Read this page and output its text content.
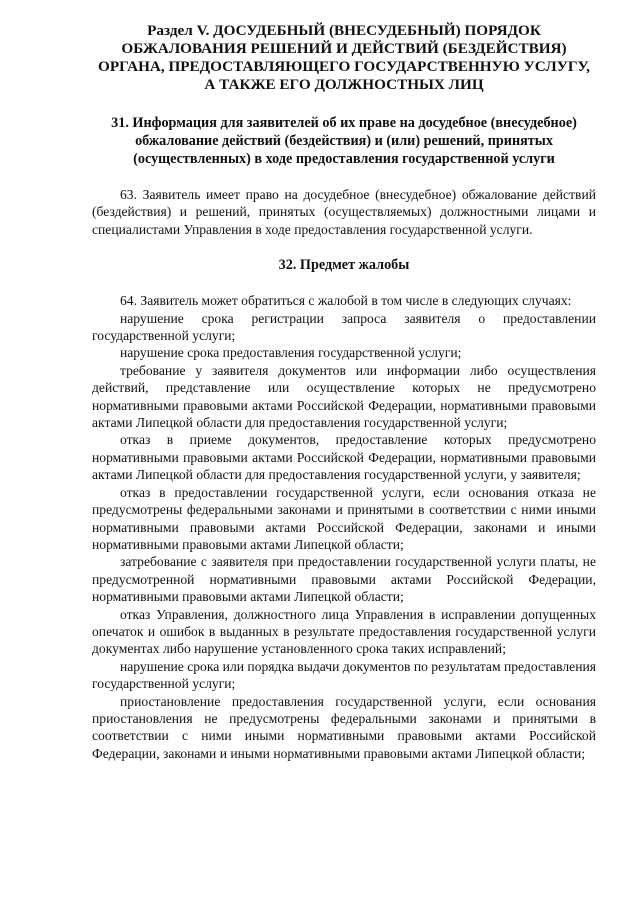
Раздел V. ДОСУДЕБНЫЙ (ВНЕСУДЕБНЫЙ) ПОРЯДОК
ОБЖАЛОВАНИЯ РЕШЕНИЙ И ДЕЙСТВИЙ (БЕЗДЕЙСТВИЯ)
ОРГАНА, ПРЕДОСТАВЛЯЮЩЕГО ГОСУДАРСТВЕННУЮ УСЛУГУ,
А ТАКЖЕ ЕГО ДОЛЖНОСТНЫХ ЛИЦ
31. Информация для заявителей об их праве на досудебное (внесудебное)
обжалование действий (бездействия) и (или) решений, принятых
(осуществленных) в ходе предоставления государственной услуги

63. Заявитель имеет право на досудебное (внесудебное) обжалование действий (бездействия) и решений, принятых (осуществляемых) должностными лицами и специалистами Управления в ходе предоставления государственной услуги.

32. Предмет жалобы

64. Заявитель может обратиться с жалобой в том числе в следующих случаях:

нарушение срока регистрации запроса заявителя о предоставлении государственной услуги;

нарушение срока предоставления государственной услуги;

требование у заявителя документов или информации либо осуществления действий, представление или осуществление которых не предусмотрено нормативными правовыми актами Российской Федерации, нормативными правовыми актами Липецкой области для предоставления государственной услуги;

отказ в приеме документов, предоставление которых предусмотрено нормативными правовыми актами Российской Федерации, нормативными правовыми актами Липецкой области для предоставления государственной услуги, у заявителя;

отказ в предоставлении государственной услуги, если основания отказа не предусмотрены федеральными законами и принятыми в соответствии с ними иными нормативными правовыми актами Российской Федерации, законами и иными нормативными правовыми актами Липецкой области;

затребование с заявителя при предоставлении государственной услуги платы, не предусмотренной нормативными правовыми актами Российской Федерации, нормативными правовыми актами Липецкой области;

отказ Управления, должностного лица Управления в исправлении допущенных опечаток и ошибок в выданных в результате предоставления государственной услуги документах либо нарушение установленного срока таких исправлений;

нарушение срока или порядка выдачи документов по результатам предоставления государственной услуги;

приостановление предоставления государственной услуги, если основания приостановления не предусмотрены федеральными законами и принятыми в соответствии с ними иными нормативными правовыми актами Российской Федерации, законами и иными нормативными правовыми актами Липецкой области;
